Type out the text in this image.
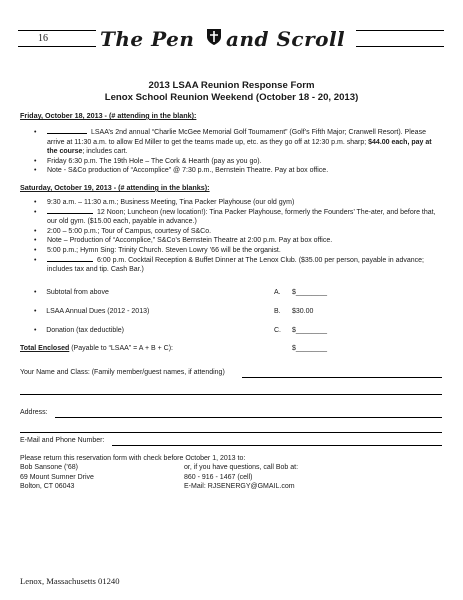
16	The Pen and Scroll
2013 LSAA Reunion Response Form
Lenox School Reunion Weekend (October 18 - 20, 2013)
Friday, October 18, 2013 - (# attending in the blank):
• LSAA’s 2nd annual “Charlie McGee Memorial Golf Tournament” (Golf’s Fifth Major; Cranwell Resort). Please arrive at 11:30 a.m. to allow Ed Miller to get the teams made up, etc. as they go off at 12:30 p.m. sharp; $44.00 each, pay at the course; includes cart.
• Friday 6:30 p.m. The 19th Hole – The Cork & Hearth (pay as you go).
• Note - S&Co production of “Accomplice” @ 7:30 p.m., Bernstein Theatre. Pay at box office.
Saturday, October 19, 2013 - (# attending in the blanks):
• 9:30 a.m. – 11:30 a.m.; Business Meeting, Tina Packer Playhouse (our old gym)
• 12 Noon; Luncheon (new location!): Tina Packer Playhouse, formerly the Founders’ The-ater, and before that, our old gym. ($15.00 each, payable in advance.)
• 2:00 – 5:00 p.m.; Tour of Campus, courtesy of S&Co.
• Note – Production of “Accomplice,” S&Co’s Bernstein Theatre at 2:00 p.m. Pay at box office.
• 5:00 p.m.; Hymn Sing: Trinity Church. Steven Lowry ’66 will be the organist.
• 6:00 p.m. Cocktail Reception & Buffet Dinner at The Lenox Club. ($35.00 per person, payable in advance; includes tax and tip. Cash Bar.)
•     Subtotal from above	A. $________
•     LSAA Annual Dues (2012 - 2013)	B. $30.00
•     Donation (tax deductible)	C. $________
Total Enclosed (Payable to “LSAA” = A + B + C):	$________
Your Name and Class: (Family member/guest names, if attending)
Address:
E-Mail and Phone Number:
Please return this reservation form with check before October 1, 2013 to:
Bob Sansone (’68)
69 Mount Sumner Drive
Bolton, CT 06043
or, if you have questions, call Bob at:
860 - 916 - 1467 (cell)
E-Mail: RJSENERGY@GMAIL.com
Lenox, Massachusetts 01240
